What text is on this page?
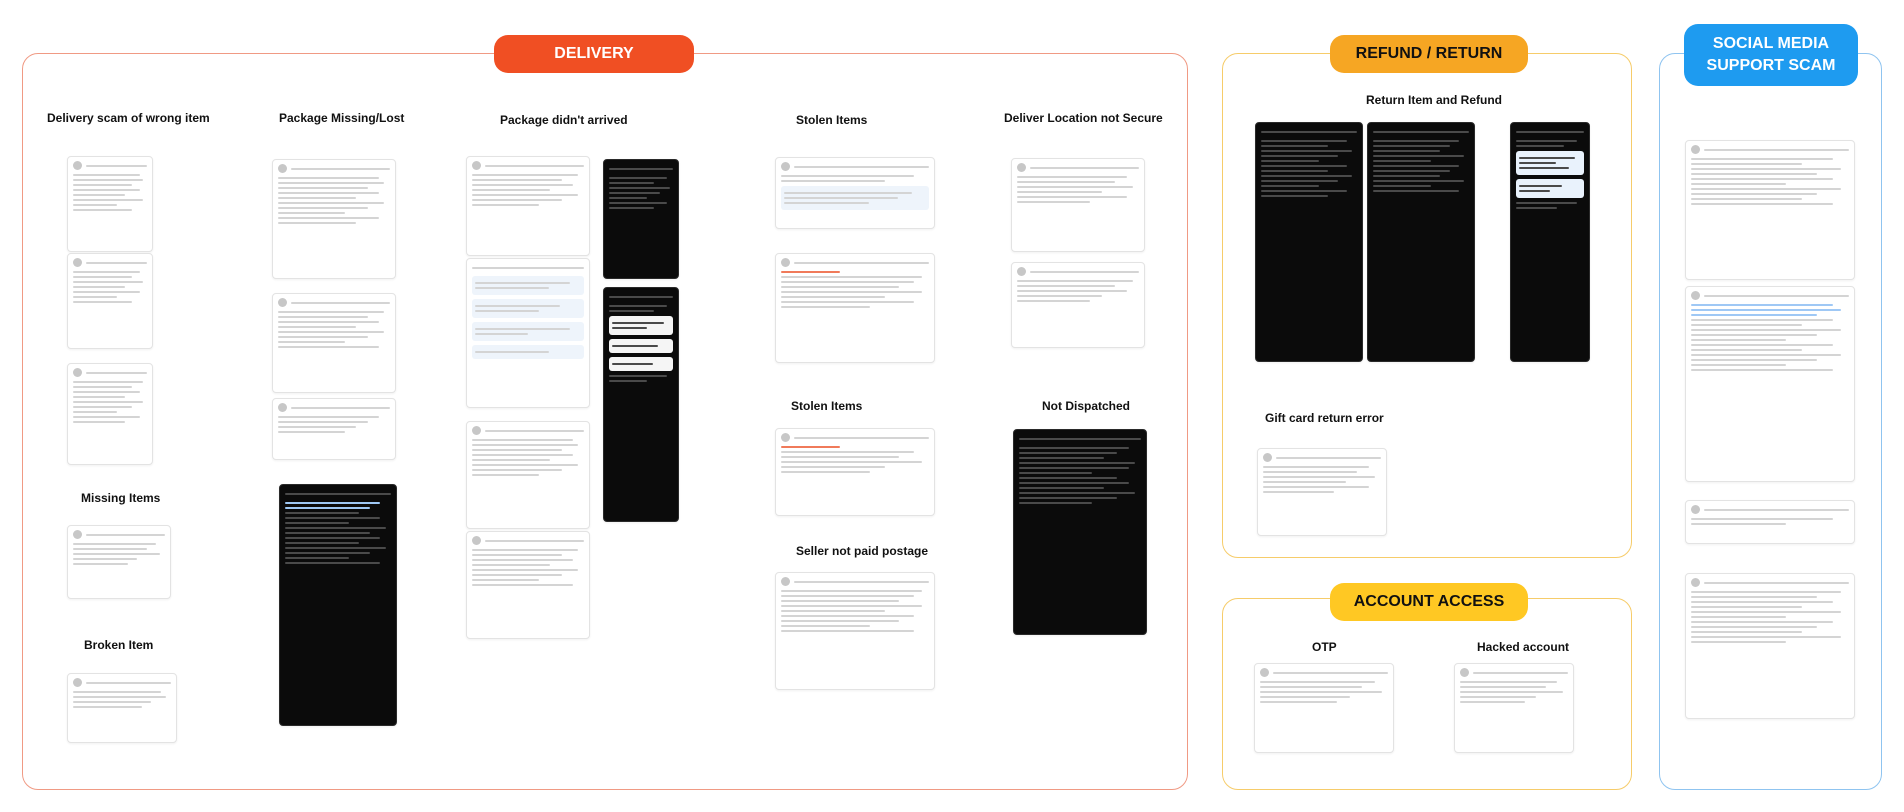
DELIVERY	REFUND / RETURN
ACCOUNT ACCESS
SOCIAL MEDIA SUPPORT SCAM
Delivery scam of wrong item	Package Missing/Lost	Package didn't arrived	Stolen Items	Deliver Location not Secure
Missing Items
Broken Item
Stolen Items	Not Dispatched
Seller not paid postage
Return Item and Refund
Gift card return error
OTP	Hacked account
